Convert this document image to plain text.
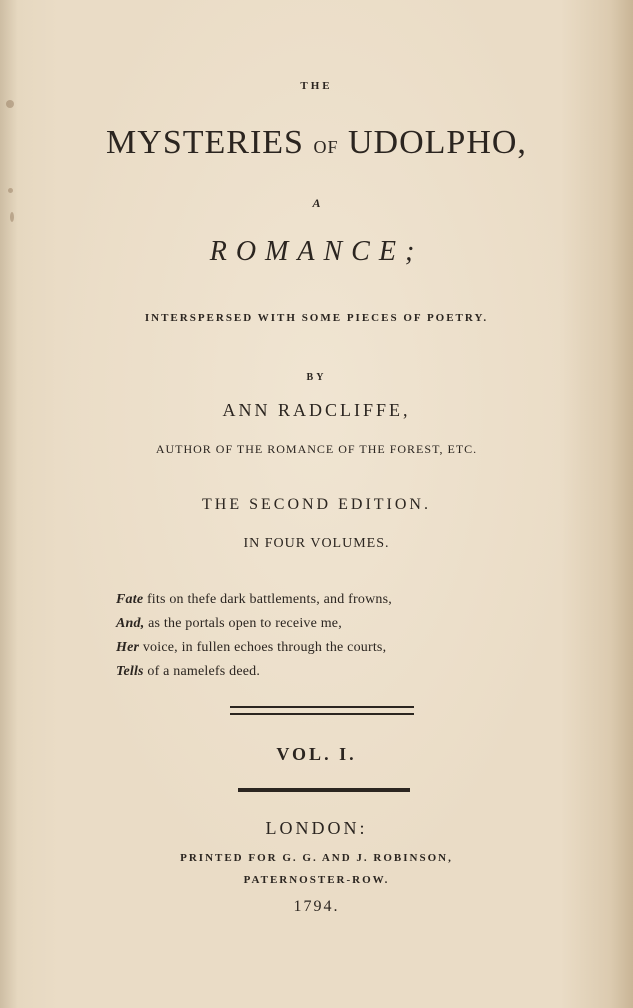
THE
MYSTERIES OF UDOLPHO,
A
ROMANCE;
INTERSPERSED WITH SOME PIECES OF POETRY.
BY
ANN RADCLIFFE,
AUTHOR OF THE ROMANCE OF THE FOREST, ETC.
THE SECOND EDITION.
IN FOUR VOLUMES.
Fate fits on thefe dark battlements, and frowns,
And, as the portals open to receive me,
Her voice, in fullen echoes through the courts,
Tells of a namelefs deed.
VOL. I.
LONDON:
PRINTED FOR G. G. AND J. ROBINSON,
PATERNOSTER-ROW.
1794.
